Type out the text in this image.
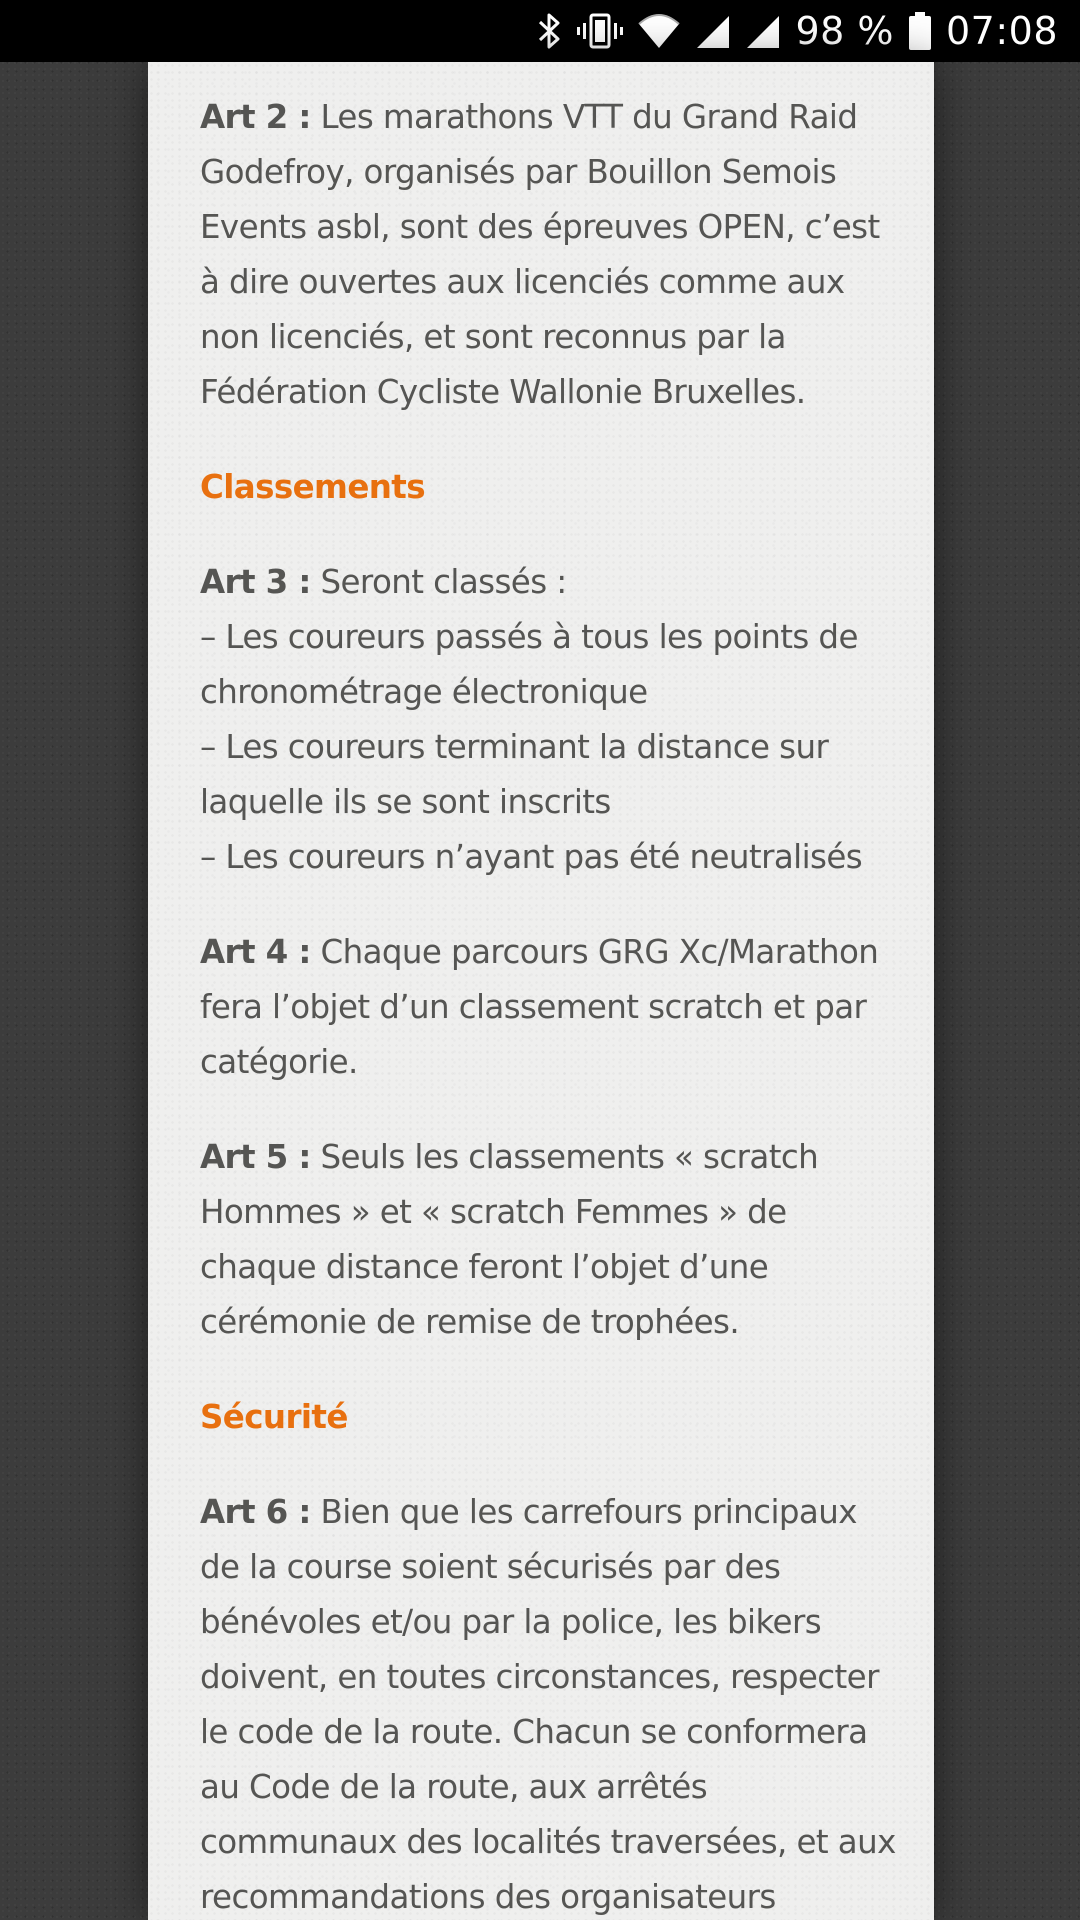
98 % 07:08

Art 2 : Les marathons VTT du Grand Raid Godefroy, organisés par Bouillon Semois Events asbl, sont des épreuves OPEN, c’est à dire ouvertes aux licenciés comme aux non licenciés, et sont reconnus par la Fédération Cycliste Wallonie Bruxelles.

Classements

Art 3 : Seront classés :
– Les coureurs passés à tous les points de chronométrage électronique
– Les coureurs terminant la distance sur laquelle ils se sont inscrits
– Les coureurs n’ayant pas été neutralisés

Art 4 : Chaque parcours GRG Xc/Marathon fera l’objet d’un classement scratch et par catégorie.

Art 5 : Seuls les classements « scratch Hommes » et « scratch Femmes » de chaque distance feront l’objet d’une cérémonie de remise de trophées.

Sécurité

Art 6 : Bien que les carrefours principaux de la course soient sécurisés par des bénévoles et/ou par la police, les bikers doivent, en toutes circonstances, respecter le code de la route. Chacun se conformera au Code de la route, aux arrêtés communaux des localités traversées, et aux recommandations des organisateurs
